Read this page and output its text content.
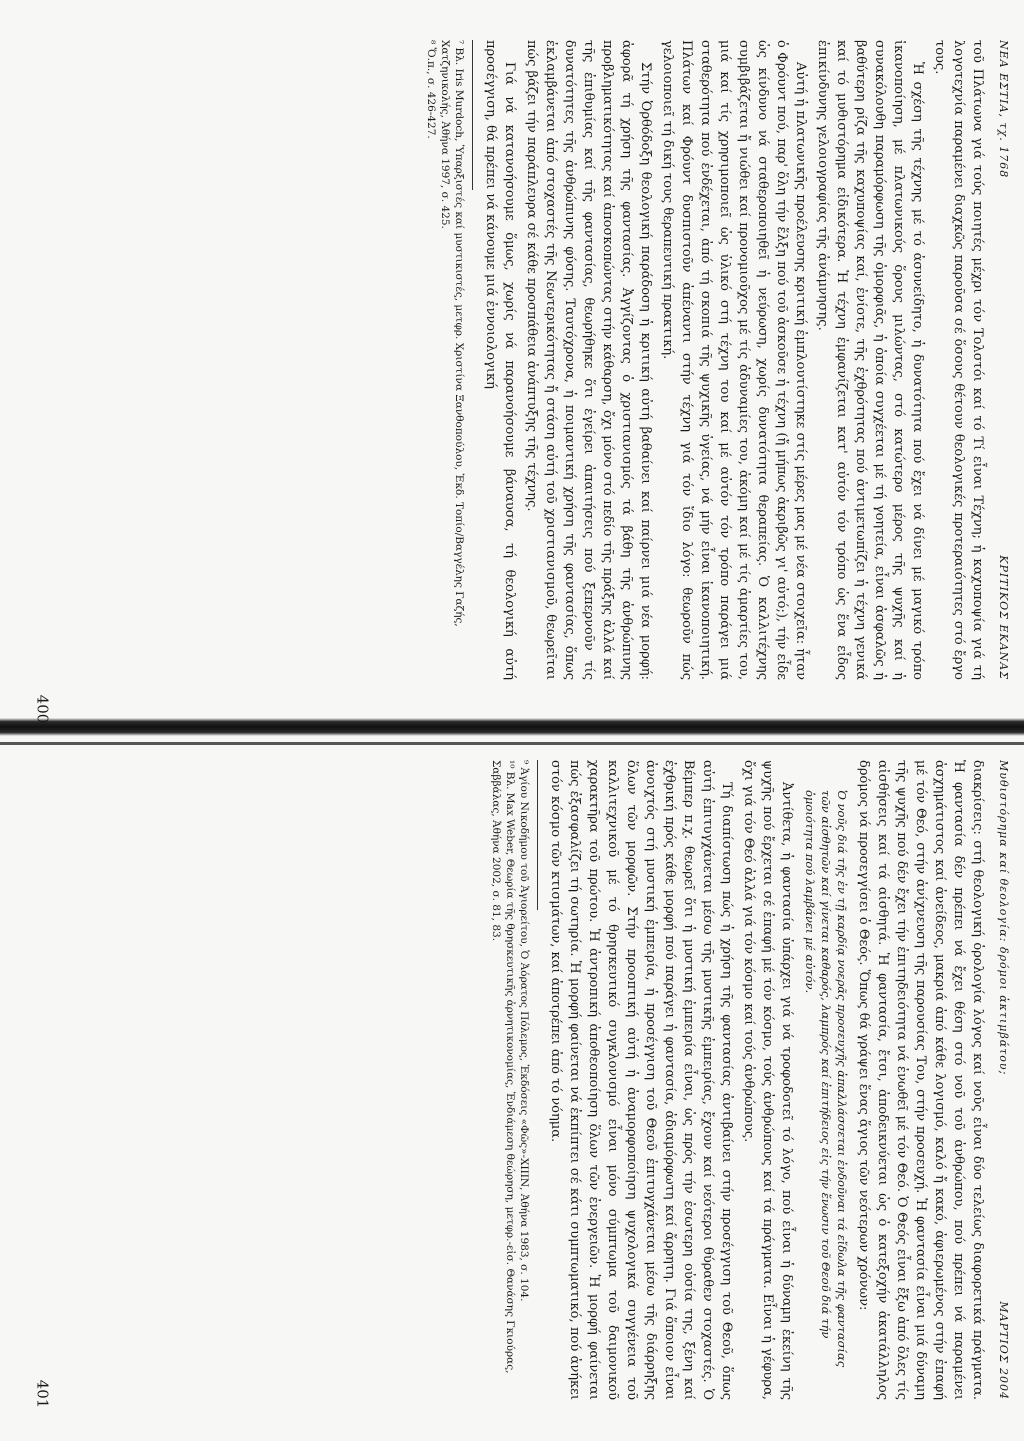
ΝΕΑ ΕΣΤΙΑ, τχ. 1768
ΚΡΙΤΙΚΟΣ ΕΚΑΝΑΣ

τοῦ Πλάτωνα γιά τούς ποιητές μέχρι τόν Τολστόι καί τό Τί εἶναι Τέχνη; ἡ καχυποψία γιά τή λογοτεχνία παραμένει διαχκῶς παροῦσα σέ ὅσους θέτουν θεολογικές προτεραιότητες στό ἔργο τους.

Ἡ σχέση τῆς τέχνης μέ τό ἀσυνείδητο, ἡ δυνατότητα πού ἔχει νά δίνει μέ μαγικό τρόπο ἱκανοποίηση, μέ πλατωνικούς ὅρους μιλώντας, στό κατώτερο μέρος τῆς ψυχῆς καί ἡ συνακόλουθη παραμόρφωση τῆς ὁμορφιᾶς, ἡ ὁποία συγχέεται μέ τή γοητεία, εἶναι ἀσφαλῶς ἡ βαθύτερη ρίζα τῆς καχυποψίας καί, ἐνίοτε, τῆς ἐχθρότητας πού ἀντιμετωπίζει ἡ τέχνη γενικά καί τό μυθιστόρημα εἰδικότερα. Ἡ τέχνη ἐμφανίζεται κατ' αὐτόν τόν τρόπο ὡς ἕνα εἶδος ἐπικίνδυνης γελοιογραφίας τῆς ἀνάμνησης.

Αὐτή ἡ πλατωνικῆς προέλευσης κριτική ἐμπλουτίστηκε στίς μέρες μας μέ νέα στοιχεῖα: ἦταν ὁ Φρόυντ πού, παρ' ὅλη τήν ἕλξη πού τοῦ ἀσκοῦσε ἡ τέχνη (ἤ μήπως ἀκριβῶς γι' αὐτό;), τήν εἶδε ὡς κίνδυνο νά σταθεροποιηθεῖ ἡ νεύρωση, χωρίς δυνατότητα θεραπείας. Ὁ καλλιτέχνης συμβιβάζεται ἤ νιώθει καί προνομιοῦχος μέ τίς ἀδυναμίες του, ἀκόμη καί μέ τίς ἁμαρτίες του, μιά καί τίς χρησιμοποιεῖ ὡς ὑλικό στή τέχνη του καί μέ αὐτόν τόν τρόπο παράγει μιά σταθερότητα πού ἐνδέχεται, ἀπό τή σκοπιά τῆς ψυχικῆς ὑγείας, νά μήν εἶναι ἱκανοποιητική. Πλάτων καί Φρόυντ δυσπιστοῦν ἀπέναντι στήν τέχνη γιά τόν ἴδιο λόγο: θεωροῦν πώς γελοιοποιεῖ τή δική τους θεραπευτική πρακτική.

Στήν Ὀρθόδοξη θεολογική παράδοση ἡ κριτική αὐτή βαθαίνει καί παίρνει μιά νέα μορφή: ἀφορᾶ τή χρήση τῆς φαντασίας. Ἀγγίζοντας ὁ χριστιανισμός τά βάθη τῆς ἀνθρώπινης προβληματικότητας καί ἀποσκοπώντας στήν κάθαρση, ὄχι μόνο στό πεδίο τῆς πράξης ἀλλά καί τῆς ἐπιθυμίας καί τῆς φαντασίας, θεωρήθηκε ὅτι ἐγείρει ἀπαιτήσεις πού ξεπερνοῦν τίς δυνατότητες τῆς ἀνθρώπινης φύσης. Ταυτόχρονα, ἡ ποιμαντική χρήση τῆς φαντασίας, ὅπως ἐκλαμβάνεται ἀπό στοχαστές τῆς Νεωτερικότητας ἤ στάση αὐτή τοῦ χριστιανισμοῦ, θεωρεῖται πώς βάζει τήν παράπλευρα σέ κάθε προσπάθεια ἀνάπτυξης τῆς τέχνης.

Γιά νά κατανοήσουμε ὅμως, χωρίς νά παρανοήσουμε βάναυσα, τή θεολογική αὐτή προσέγγιση, θά πρέπει νά κάνουμε μιά ἐννοιολογική

⁷ Βλ. Iris Murdoch, Ὑπαρξιστές καί μυστικιστές, μετφρ. Χριστίνα Ξανθοπούλου, Ἐκδ. Τοπίο/Βαγγέλης Γαζής, Χατζηνικολής, Ἀθήνα 1997, σ. 425.

⁸ Ὅ.π., σ. 426-427.

Μυθιστόρημα καί θεολογία: δρόμοι ἀκτιμβάτου;
ΜΑΡΤΙΟΣ 2004

διακρίσεις: στή θεολογική ὁρολογία λόγος καί νοῦς εἶναι δύο τελείως διαφορετικά πράγματα. Ἡ φαντασία δέν πρέπει νά ἔχει θέση στό νοῦ τοῦ ἀνθρώπου, πού πρέπει νά παραμένει ἀσχημάτιστος καί ἀνείδεος, μακριά ἀπό κάθε λογισμό, καλό ἤ κακό, ἀφιερωμένος στήν ἐπαφή μέ τόν Θεό, στήν ἀνίχνευση τῆς παρουσίας Του, στήν προσευχή. Ἡ φαντασία εἶναι μιά δύναμη τῆς ψυχῆς πού δέν ἔχει τήν ἐπιτηδειότητα νά ἑνωθεῖ μέ τόν Θεό. Ὁ Θεός εἶναι ἔξω ἀπό ὅλες τίς αἰσθήσεις καί τά αἰσθητά. Ἡ φαντασία, ἔτσι, ἀποδεικνύεται ὡς ὁ κατεξοχήν ἀκατάλληλος δρόμος νά προσεγγίσει ὁ Θεός. Ὅπως θά γράψει ἕνας ἅγιος τῶν νεότερων χρόνων:

Ὁ νοῦς διά τῆς ἐν τῇ καρδίᾳ νοερᾶς προσευχῆς ἀπαλλάσσεται ἐνδοῦναι τά εἴδωλα τῆς φαντασίας τῶν αἰσθητῶν καί γίνεται καθαρός, λαμπρός καί ἐπιτήδειος εἰς τήν ἕνωσιν τοῦ Θεοῦ διά τήν ὁμοιότητα πού λαμβάνει μέ αὐτόν.

Ἀντίθετα, ἡ φαντασία ὑπάρχει γιά νά τροφοδοτεῖ τό λόγο, πού εἶναι ἡ δύναμη ἐκείνη τῆς ψυχῆς πού ἔρχεται σέ ἐπαφή μέ τόν κόσμο, τούς ἀνθρώπους καί τά πράγματα. Εἶναι ἡ γέφυρα, ὄχι γιά τόν Θεό ἀλλά γιά τόν κόσμο καί τούς ἀνθρώπους.

Τή διαπίστωση πώς ἡ χρήση τῆς φαντασίας ἀντιβαίνει στήν προσέγγιση τοῦ Θεοῦ, ὅπως αὐτή ἐπιτυγχάνεται μέσω τῆς μυστικῆς ἐμπειρίας, ἔχουν καί νεότεροι θύραθεν στοχαστές. Ὁ Βέμπερ π.χ. θεωρεῖ ὅτι ἡ μυστική ἐμπειρία εἶναι, ὡς πρός τήν ἐσωτερη οὐσία της, ξένη καί ἐχθρική πρός κάθε μορφή πού παράγει ἡ φαντασία, ἀδιαμόρφωτη καί ἄρρητη. Γιά ὅποιον εἶναι ἀνοιχτός στή μυστική ἐμπειρία, ἡ προσέγγιση τοῦ Θεοῦ ἐπιτυγχάνεται μέσω τῆς διάρρηξης ὅλων τῶν μορφῶν. Στήν προοπτική αὐτή ἡ ἀναμορφοποίηση ψυχολογικά συγγένεια τοῦ καλλιτεχνικοῦ μέ τό θρησκευτικό συγκλονισμό εἶναι μόνο σύμπτωμα τοῦ δαιμονικοῦ χαρακτῆρα τοῦ πρώτου. Ἡ ἀντροπική ἀποθεοποίηση ὅλων τῶν ἐνεργειῶν. Ἡ μορφή φαίνεται πώς ἐξασφαλίζει τή σωτηρία. Ἡ μορφή φαίνεται νά ἐκπίπτει σέ κάτι συμπτωματικό, πού ἀνήκει στόν κόσμο τῶν κτισμάτων, καί ἀποτρέπει ἀπό τό νόημα.

⁹ Ἁγίου Νικοδήμου τοῦ Ἁγιορείτου, Ὁ Ἀόρατος Πόλεμος, Ἐκδόσεις «Φῶς»-ΧΙΙΙΝ, Ἀθήνα 1983, σ. 104.

¹⁰ Βλ. Max Weber, Θεωρία τῆς θρησκευτικῆς ἀρνητικονομίας, Ἐνδιάμεση θεώρηση, μετφρ.-εἰσ. Θανάσης Γκιούρας, Σαββάλας, Ἀθήνα 2002, σ. 81, 83.

400
401
